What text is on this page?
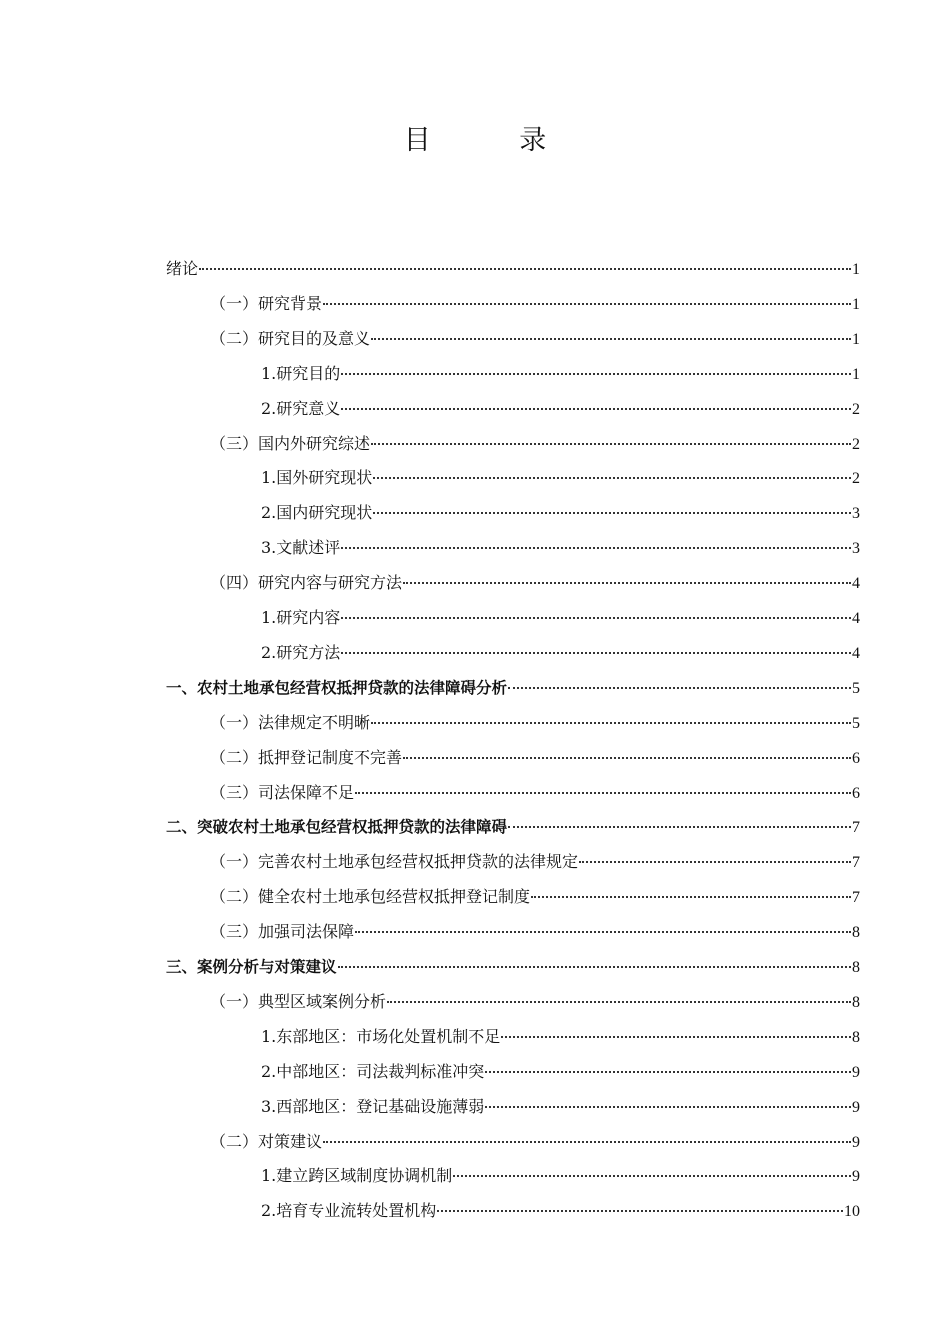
目 录
绪论	1
（一）研究背景	1
（二）研究目的及意义	1
1.研究目的	1
2.研究意义	2
（三）国内外研究综述	2
1.国外研究现状	2
2.国内研究现状	3
3.文献述评	3
（四）研究内容与研究方法	4
1.研究内容	4
2.研究方法	4
一、农村土地承包经营权抵押贷款的法律障碍分析	5
（一）法律规定不明晰	5
（二）抵押登记制度不完善	6
（三）司法保障不足	6
二、突破农村土地承包经营权抵押贷款的法律障碍	7
（一）完善农村土地承包经营权抵押贷款的法律规定	7
（二）健全农村土地承包经营权抵押登记制度	7
（三）加强司法保障	8
三、案例分析与对策建议	8
（一）典型区域案例分析	8
1.东部地区：市场化处置机制不足	8
2.中部地区：司法裁判标准冲突	9
3.西部地区：登记基础设施薄弱	9
（二）对策建议	9
1.建立跨区域制度协调机制	9
2.培育专业流转处置机构	10
